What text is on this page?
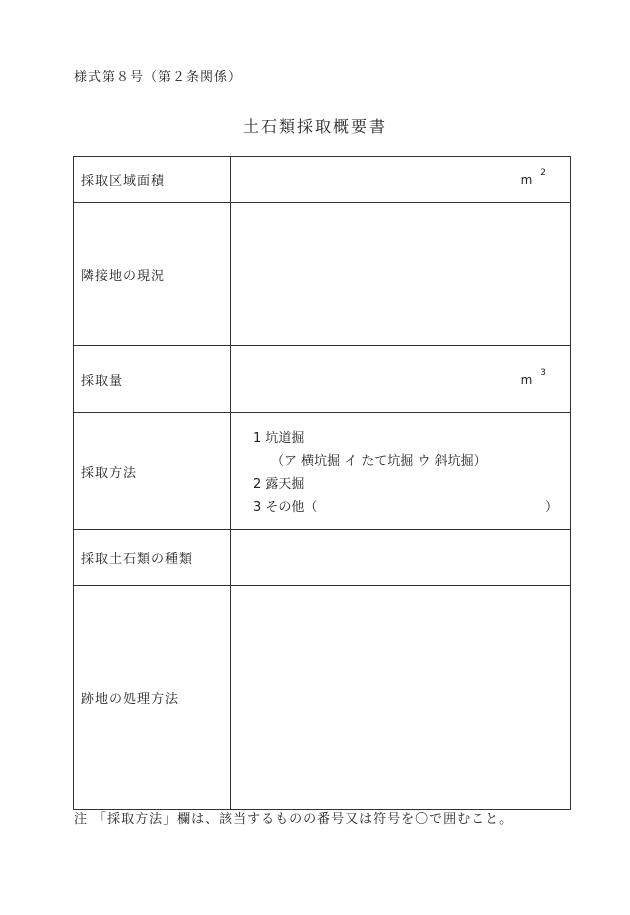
様式第８号（第２条関係）
土石類採取概要書
採取区域面積	m $^2$

隣接地の現況	
採取量	m $^3$

採取方法	1 坑道掘
（ア 横坑掘 イ たて坑掘 ウ 斜坑掘）
2 露天掘
3 その他（ ）

採取土石類の種類	
跡地の処理方法	
注 「採取方法」欄は、該当するものの番号又は符号を〇で囲むこと。
